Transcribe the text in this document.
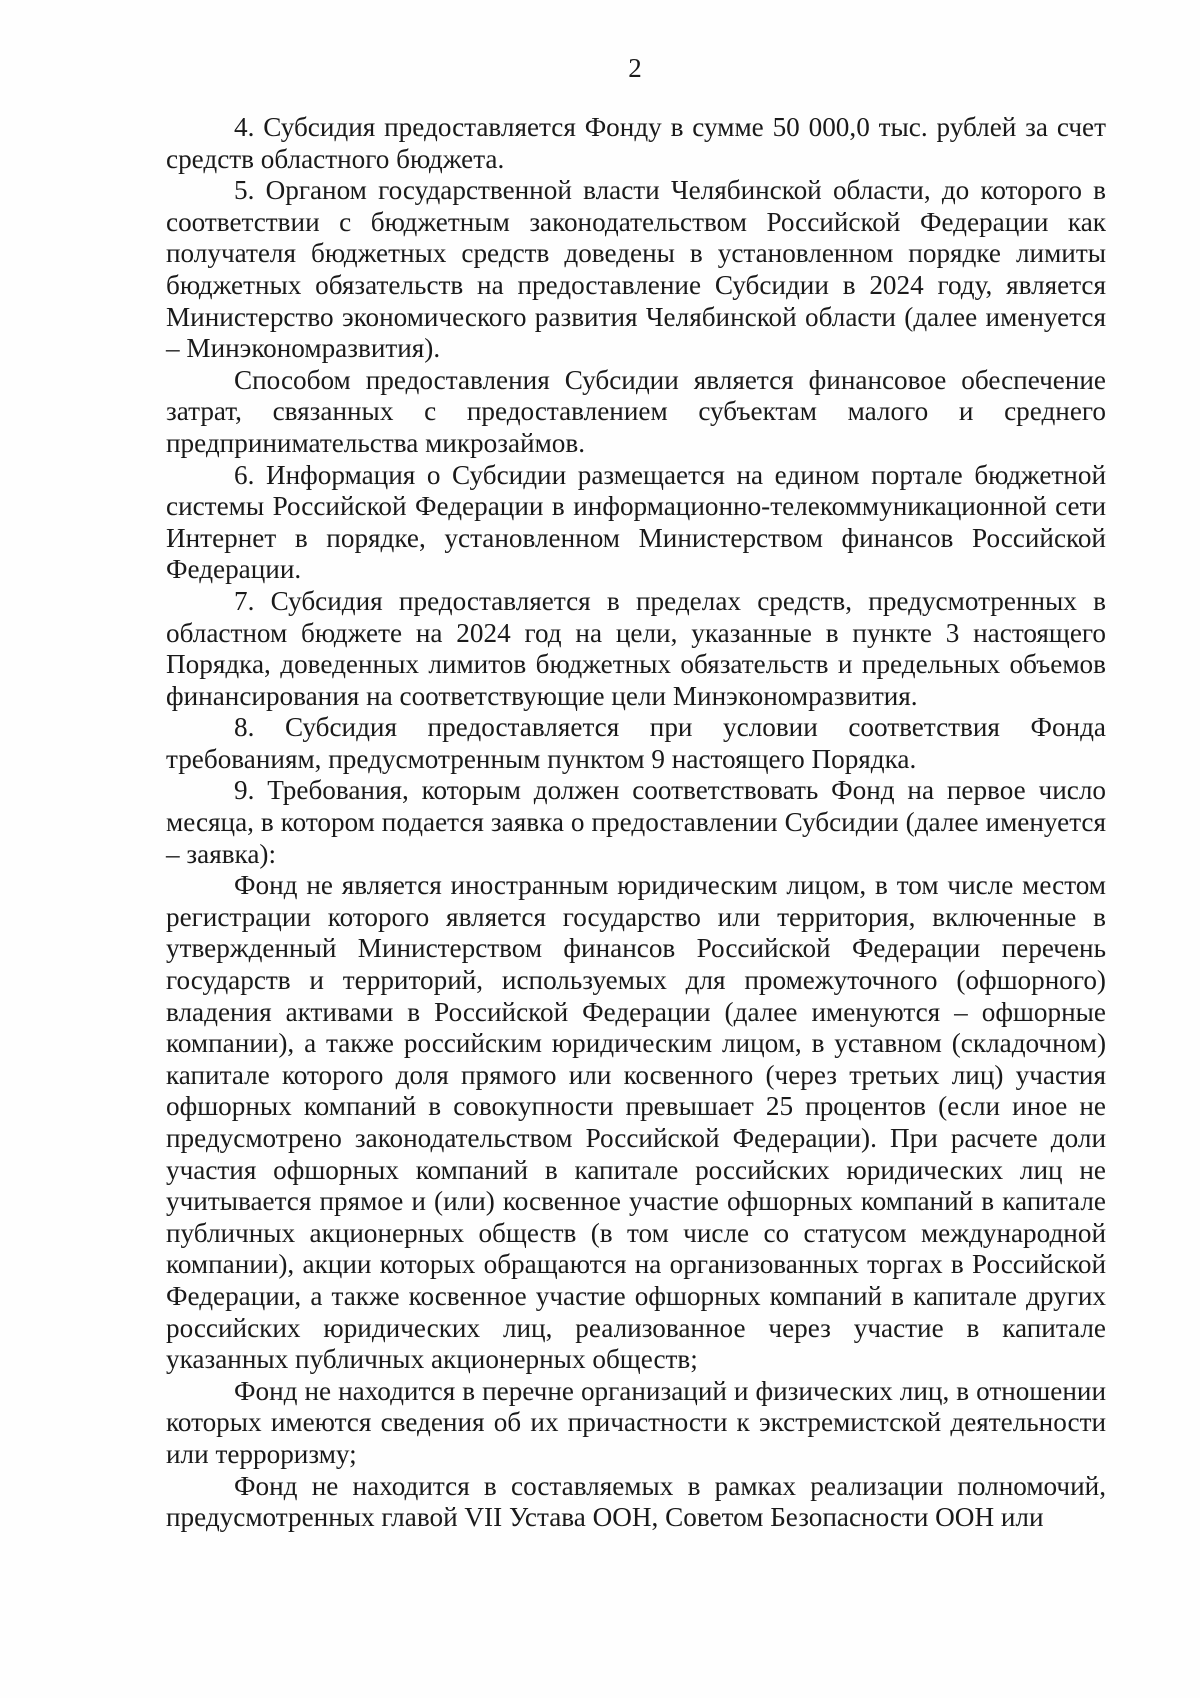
2

4. Субсидия предоставляется Фонду в сумме 50 000,0 тыс. рублей за счет средств областного бюджета.

5. Органом государственной власти Челябинской области, до которого в соответствии с бюджетным законодательством Российской Федерации как получателя бюджетных средств доведены в установленном порядке лимиты бюджетных обязательств на предоставление Субсидии в 2024 году, является Министерство экономического развития Челябинской области (далее именуется – Минэкономразвития).

Способом предоставления Субсидии является финансовое обеспечение затрат, связанных с предоставлением субъектам малого и среднего предпринимательства микрозаймов.

6. Информация о Субсидии размещается на едином портале бюджетной системы Российской Федерации в информационно-телекоммуникационной сети Интернет в порядке, установленном Министерством финансов Российской Федерации.

7. Субсидия предоставляется в пределах средств, предусмотренных в областном бюджете на 2024 год на цели, указанные в пункте 3 настоящего Порядка, доведенных лимитов бюджетных обязательств и предельных объемов финансирования на соответствующие цели Минэкономразвития.

8. Субсидия предоставляется при условии соответствия Фонда требованиям, предусмотренным пунктом 9 настоящего Порядка.

9. Требования, которым должен соответствовать Фонд на первое число месяца, в котором подается заявка о предоставлении Субсидии (далее именуется – заявка):

Фонд не является иностранным юридическим лицом, в том числе местом регистрации которого является государство или территория, включенные в утвержденный Министерством финансов Российской Федерации перечень государств и территорий, используемых для промежуточного (офшорного) владения активами в Российской Федерации (далее именуются – офшорные компании), а также российским юридическим лицом, в уставном (складочном) капитале которого доля прямого или косвенного (через третьих лиц) участия офшорных компаний в совокупности превышает 25 процентов (если иное не предусмотрено законодательством Российской Федерации). При расчете доли участия офшорных компаний в капитале российских юридических лиц не учитывается прямое и (или) косвенное участие офшорных компаний в капитале публичных акционерных обществ (в том числе со статусом международной компании), акции которых обращаются на организованных торгах в Российской Федерации, а также косвенное участие офшорных компаний в капитале других российских юридических лиц, реализованное через участие в капитале указанных публичных акционерных обществ;

Фонд не находится в перечне организаций и физических лиц, в отношении которых имеются сведения об их причастности к экстремистской деятельности или терроризму;

Фонд не находится в составляемых в рамках реализации полномочий, предусмотренных главой VII Устава ООН, Советом Безопасности ООН или
